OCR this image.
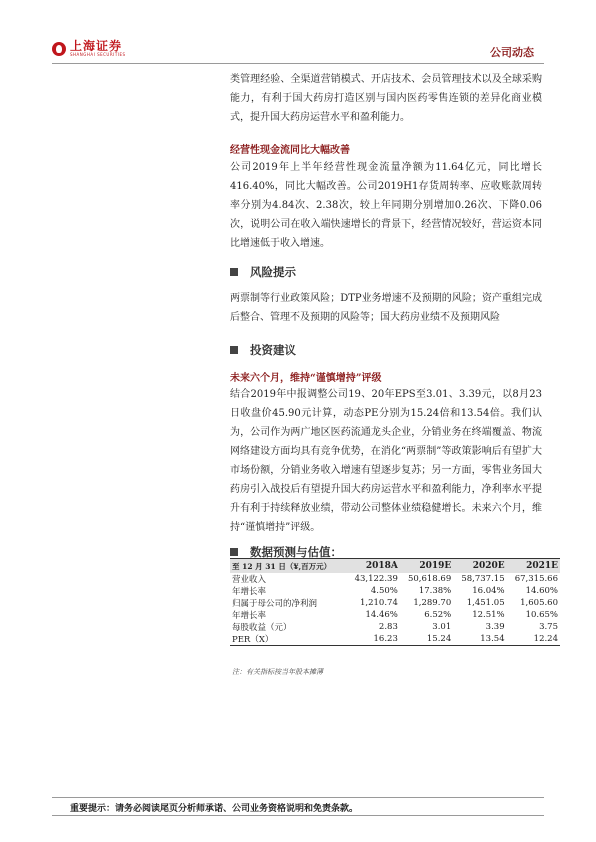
上海证券
SHANGHAI SECURITIES	公司动态

类管理经验、全渠道营销模式、开店技术、会员管理技术以及全球采购能力，有利于国大药房打造区别与国内医药零售连锁的差异化商业模式，提升国大药房运营水平和盈利能力。

经营性现金流同比大幅改善

公司2019年上半年经营性现金流量净额为11.64亿元，同比增长416.40%，同比大幅改善。公司2019H1存货周转率、应收账款周转率分别为4.84次、2.38次，较上年同期分别增加0.26次、下降0.06次，说明公司在收入端快速增长的背景下，经营情况较好，营运资本同比增速低于收入增速。

风险提示

两票制等行业政策风险；DTP业务增速不及预期的风险；资产重组完成后整合、管理不及预期的风险等；国大药房业绩不及预期风险

投资建议

未来六个月，维持“谨慎增持”评级

结合2019年中报调整公司19、20年EPS至3.01、3.39元，以8月23日收盘价45.90元计算，动态PE分别为15.24倍和13.54倍。我们认为，公司作为两广地区医药流通龙头企业，分销业务在终端覆盖、物流网络建设方面均具有竞争优势，在消化“两票制”等政策影响后有望扩大市场份额，分销业务收入增速有望逐步复苏；另一方面，零售业务国大药房引入战投后有望提升国大药房运营水平和盈利能力，净利率水平提升有利于持续释放业绩，带动公司整体业绩稳健增长。未来六个月，维持“谨慎增持”评级。

数据预测与估值：
至 12 月 31 日（¥,百万元）	2018A	2019E	2020E	2021E
营业收入	43,122.39	50,618.69	58,737.15	67,315.66
年增长率	4.50%	17.38%	16.04%	14.60%
归属于母公司的净利润	1,210.74	1,289.70	1,451.05	1,605.60
年增长率	14.46%	6.52%	12.51%	10.65%
每股收益（元）	2.83	3.01	3.39	3.75
PER（X）	16.23	15.24	13.54	12.24
注：有关指标按当年股本摊薄
重要提示：请务必阅读尾页分析师承诺、公司业务资格说明和免责条款。
